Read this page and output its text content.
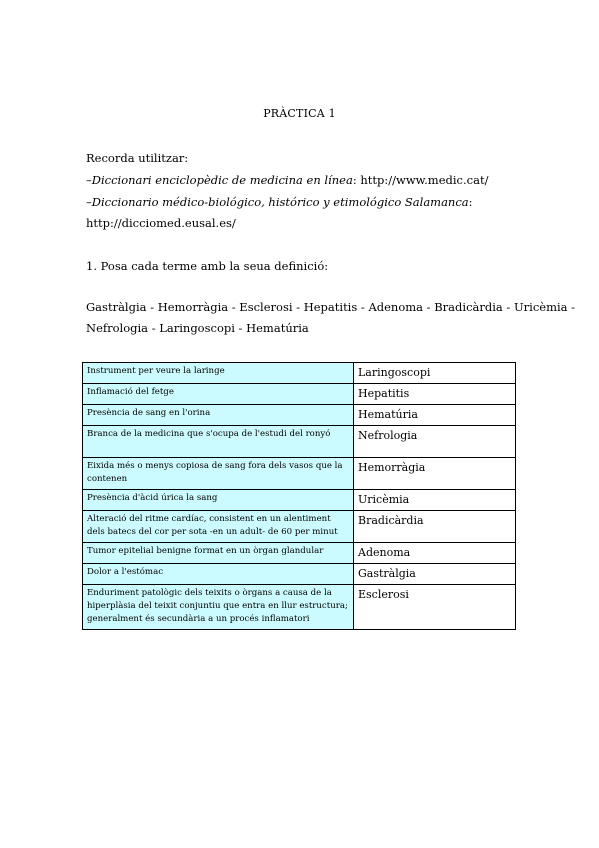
PRÀCTICA 1
Recorda utilitzar:
–Diccionari enciclopèdic de medicina en línea: http://www.medic.cat/
–Diccionario médico-biológico, histórico y etimológico Salamanca:
http://dicciomed.eusal.es/
1. Posa cada terme amb la seua definició:
Gastràlgia - Hemorràgia - Esclerosi - Hepatitis - Adenoma - Bradicàrdia - Uricèmia -
Nefrologia - Laringoscopi - Hematúria
Instrument per veure la laringe	Laringoscopi
Inflamació del fetge	Hepatitis
Presència de sang en l'orina	Hematúria
Branca de la medicina que s'ocupa de l'estudi del ronyó	Nefrologia
Eixida més o menys copiosa de sang fora dels vasos que la contenen	Hemorràgia
Presència d'àcid úrica la sang	Uricèmia
Alteració del ritme cardíac, consistent en un alentiment dels batecs del cor per sota -en un adult- de 60 per minut	Bradicàrdia
Tumor epitelial benigne format en un òrgan glandular	Adenoma
Dolor a l'estómac	Gastràlgia
Enduriment patològic dels teixits o òrgans a causa de la hiperplàsia del teixit conjuntiu que entra en llur estructura; generalment és secundària a un procés inflamatori	Esclerosi
